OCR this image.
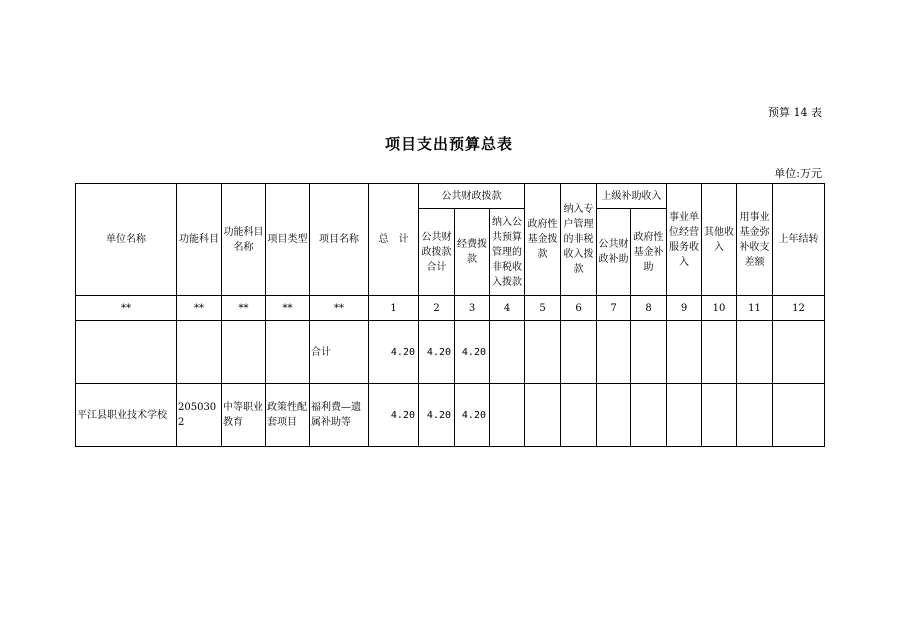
预算 14 表
项目支出预算总表
单位:万元
单位名称	功能科目	功能科目名称	项目类型	项目名称	总　计	公共财政拨款			政府性基金拨款	纳入专户管理的非税收入拨款	上级补助收入		事业单位经营服务收入	其他收入	用事业基金弥补收支差额	上年结转
						公共财政拨款合计	经费拨款	纳入公共预算管理的非税收入拨款			公共财政补助	政府性基金补助				
**	**	**	**	**	1	2	3	4	5	6	7	8	9	10	11	12
				合计	4.20	4.20	4.20									
平江县职业技术学校	2050302	中等职业教育	政策性配套项目	福利费—遗属补助等	4.20	4.20	4.20									
